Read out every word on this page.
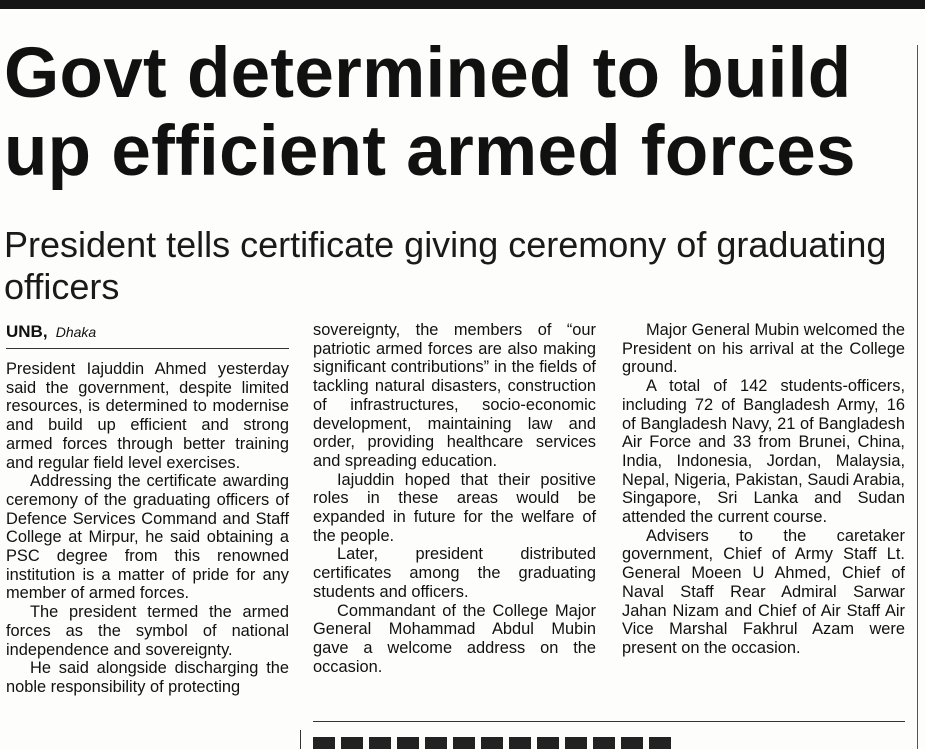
Govt determined to build up efficient armed forces
President tells certificate giving ceremony of graduating officers
UNB, Dhaka

President Iajuddin Ahmed yesterday said the government, despite limited resources, is determined to modernise and build up efficient and strong armed forces through better training and regular field level exercises.

Addressing the certificate awarding ceremony of the graduating officers of Defence Services Command and Staff College at Mirpur, he said obtaining a PSC degree from this renowned institution is a matter of pride for any member of armed forces.

The president termed the armed forces as the symbol of national independence and sovereignty.

He said alongside discharging the noble responsibility of protecting

sovereignty, the members of “our patriotic armed forces are also making significant contributions” in the fields of tackling natural disasters, construction of infrastructures, socio-economic development, maintaining law and order, providing healthcare services and spreading education.

Iajuddin hoped that their positive roles in these areas would be expanded in future for the welfare of the people.

Later, president distributed certificates among the graduating students and officers.

Commandant of the College Major General Mohammad Abdul Mubin gave a welcome address on the occasion.

Major General Mubin welcomed the President on his arrival at the College ground.

A total of 142 students-officers, including 72 of Bangladesh Army, 16 of Bangladesh Navy, 21 of Bangladesh Air Force and 33 from Brunei, China, India, Indonesia, Jordan, Malaysia, Nepal, Nigeria, Pakistan, Saudi Arabia, Singapore, Sri Lanka and Sudan attended the current course.

Advisers to the caretaker government, Chief of Army Staff Lt. General Moeen U Ahmed, Chief of Naval Staff Rear Admiral Sarwar Jahan Nizam and Chief of Air Staff Air Vice Marshal Fakhrul Azam were present on the occasion.
